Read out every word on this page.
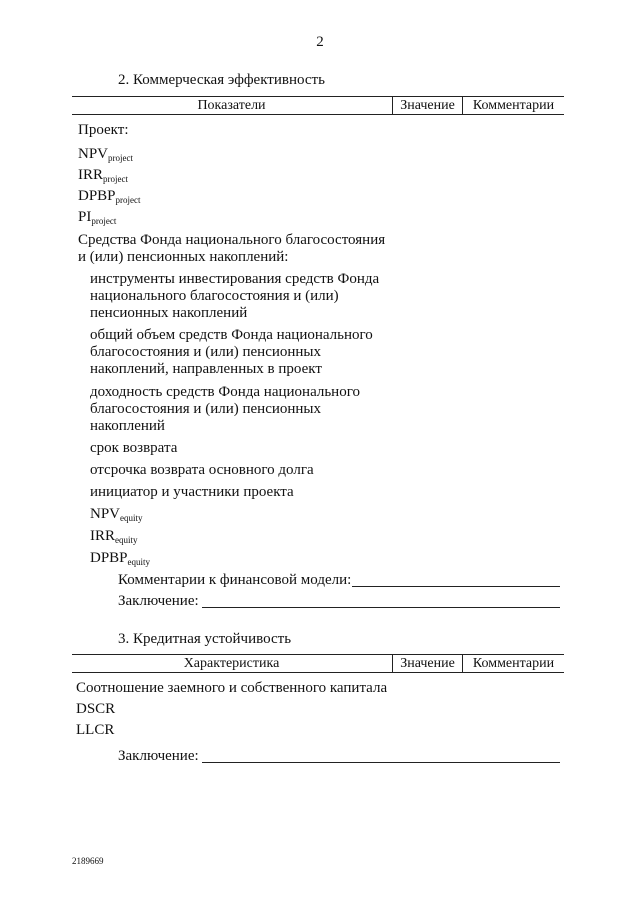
2
2. Коммерческая эффективность
Показатели	Значение	Комментарии
Проект:
$NPV_{project}$
$IRR_{project}$
$DPBP_{project}$
$PI_{project}$
Средства Фонда национального благосостояния
и (или) пенсионных накоплений:
инструменты инвестирования средств Фонда
национального благосостояния и (или)
пенсионных накоплений
общий объем средств Фонда национального
благосостояния и (или) пенсионных
накоплений, направленных в проект
доходность средств Фонда национального
благосостояния и (или) пенсионных
накоплений
срок возврата
отсрочка возврата основного долга
инициатор и участники проекта
$NPV_{equity}$
$IRR_{equity}$
$DPBP_{equity}$
Комментарии к финансовой модели:
Заключение:
3. Кредитная устойчивость
Характеристика	Значение	Комментарии
Соотношение заемного и собственного капитала
DSCR
LLCR
Заключение:
2189669
